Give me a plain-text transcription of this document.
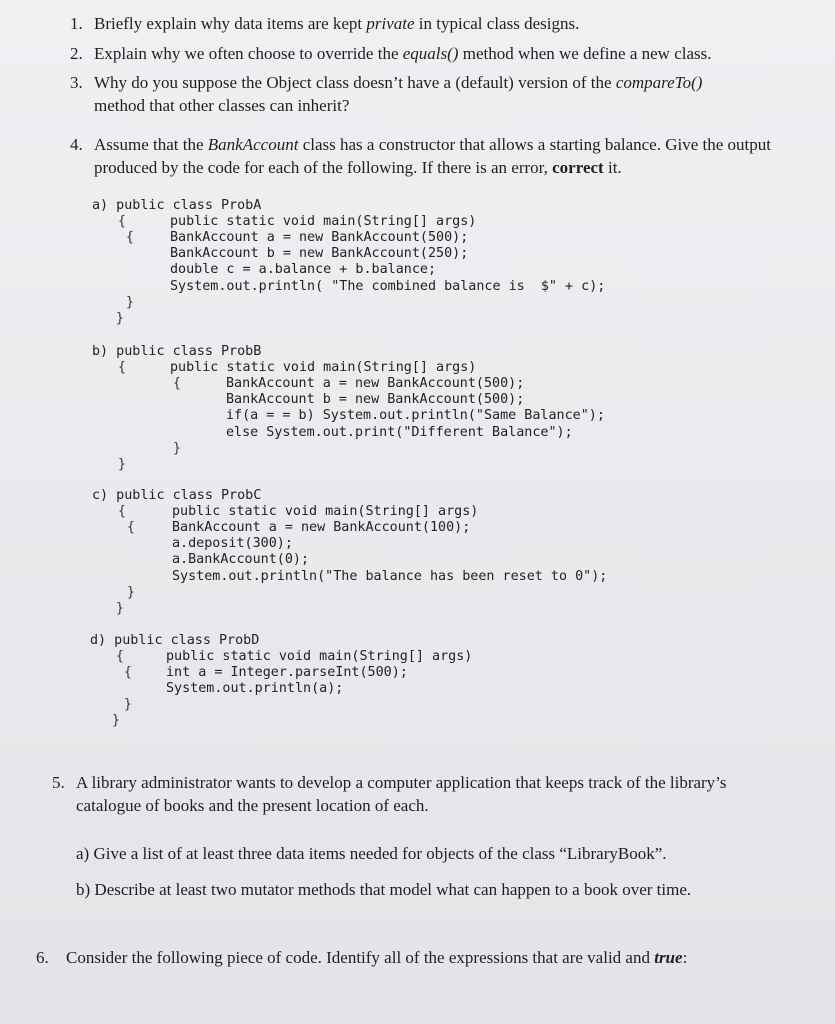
1. Briefly explain why data items are kept private in typical class designs.
2. Explain why we often choose to override the equals() method when we define a new class.
3. Why do you suppose the Object class doesn’t have a (default) version of the compareTo()
method that other classes can inherit?
4. Assume that the BankAccount class has a constructor that allows a starting balance. Give the output
produced by the code for each of the following. If there is an error, correct it.
a) public class ProbA
{	public static void main(String[] args)
{	BankAccount a = new BankAccount(500);
BankAccount b = new BankAccount(250);
double c = a.balance + b.balance;
System.out.println( "The combined balance is  $" + c);
}
}
b) public class ProbB
{	public static void main(String[] args)
{	BankAccount a = new BankAccount(500);
BankAccount b = new BankAccount(500);
if(a = = b) System.out.println("Same Balance");
else System.out.print("Different Balance");
}
}
c) public class ProbC
{	public static void main(String[] args)
{	BankAccount a = new BankAccount(100);
a.deposit(300);
a.BankAccount(0);
System.out.println("The balance has been reset to 0");
}
}
d) public class ProbD
{	public static void main(String[] args)
{	int a = Integer.parseInt(500);
System.out.println(a);
}
}
5. A library administrator wants to develop a computer application that keeps track of the library’s
catalogue of books and the present location of each.
a) Give a list of at least three data items needed for objects of the class “LibraryBook”.
b) Describe at least two mutator methods that model what can happen to a book over time.
6. Consider the following piece of code. Identify all of the expressions that are valid and true:
